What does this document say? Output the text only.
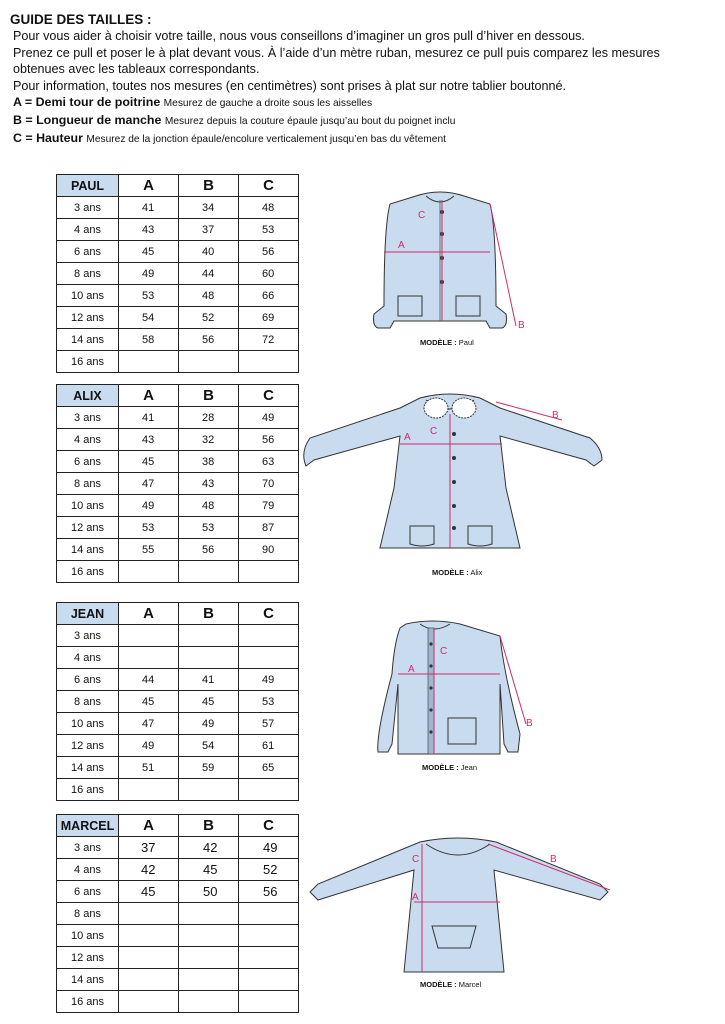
GUIDE DES TAILLES :
Pour vous aider à choisir votre taille, nous vous conseillons d’imaginer un gros pull d’hiver en dessous.
Prenez ce pull et poser le à plat devant vous. À l’aide d’un mètre ruban, mesurez ce pull puis comparez les mesures
obtenues avec les tableaux correspondants.
Pour information, toutes nos mesures (en centimètres) sont prises à plat sur notre tablier boutonné.
A = Demi tour de poitrine Mesurez de gauche a droite sous les aisselles
B = Longueur de manche Mesurez depuis la couture épaule jusqu’au bout du poignet inclu
C = Hauteur Mesurez de la jonction épaule/encolure verticalement jusqu’en bas du vêtement
PAUL	A	B	C
3 ans	41	34	48
4 ans	43	37	53
6 ans	45	40	56
8 ans	49	44	60
10 ans	53	48	66
12 ans	54	52	69
14 ans	58	56	72
16 ans			
ALIX	A	B	C
3 ans	41	28	49
4 ans	43	32	56
6 ans	45	38	63
8 ans	47	43	70
10 ans	49	48	79
12 ans	53	53	87
14 ans	55	56	90
16 ans			
JEAN	A	B	C
3 ans			
4 ans			
6 ans	44	41	49
8 ans	45	45	53
10 ans	47	49	57
12 ans	49	54	61
14 ans	51	59	65
16 ans			
MARCEL	A	B	C
3 ans	37	42	49
4 ans	42	45	52
6 ans	45	50	56
8 ans			
10 ans			
12 ans			
14 ans			
16 ans			
A
C
B
MODÈLE : Paul
A
C
B
MODÈLE : Alix
A
C
B
MODÈLE : Jean
A
C	B
MODÈLE : Marcel
